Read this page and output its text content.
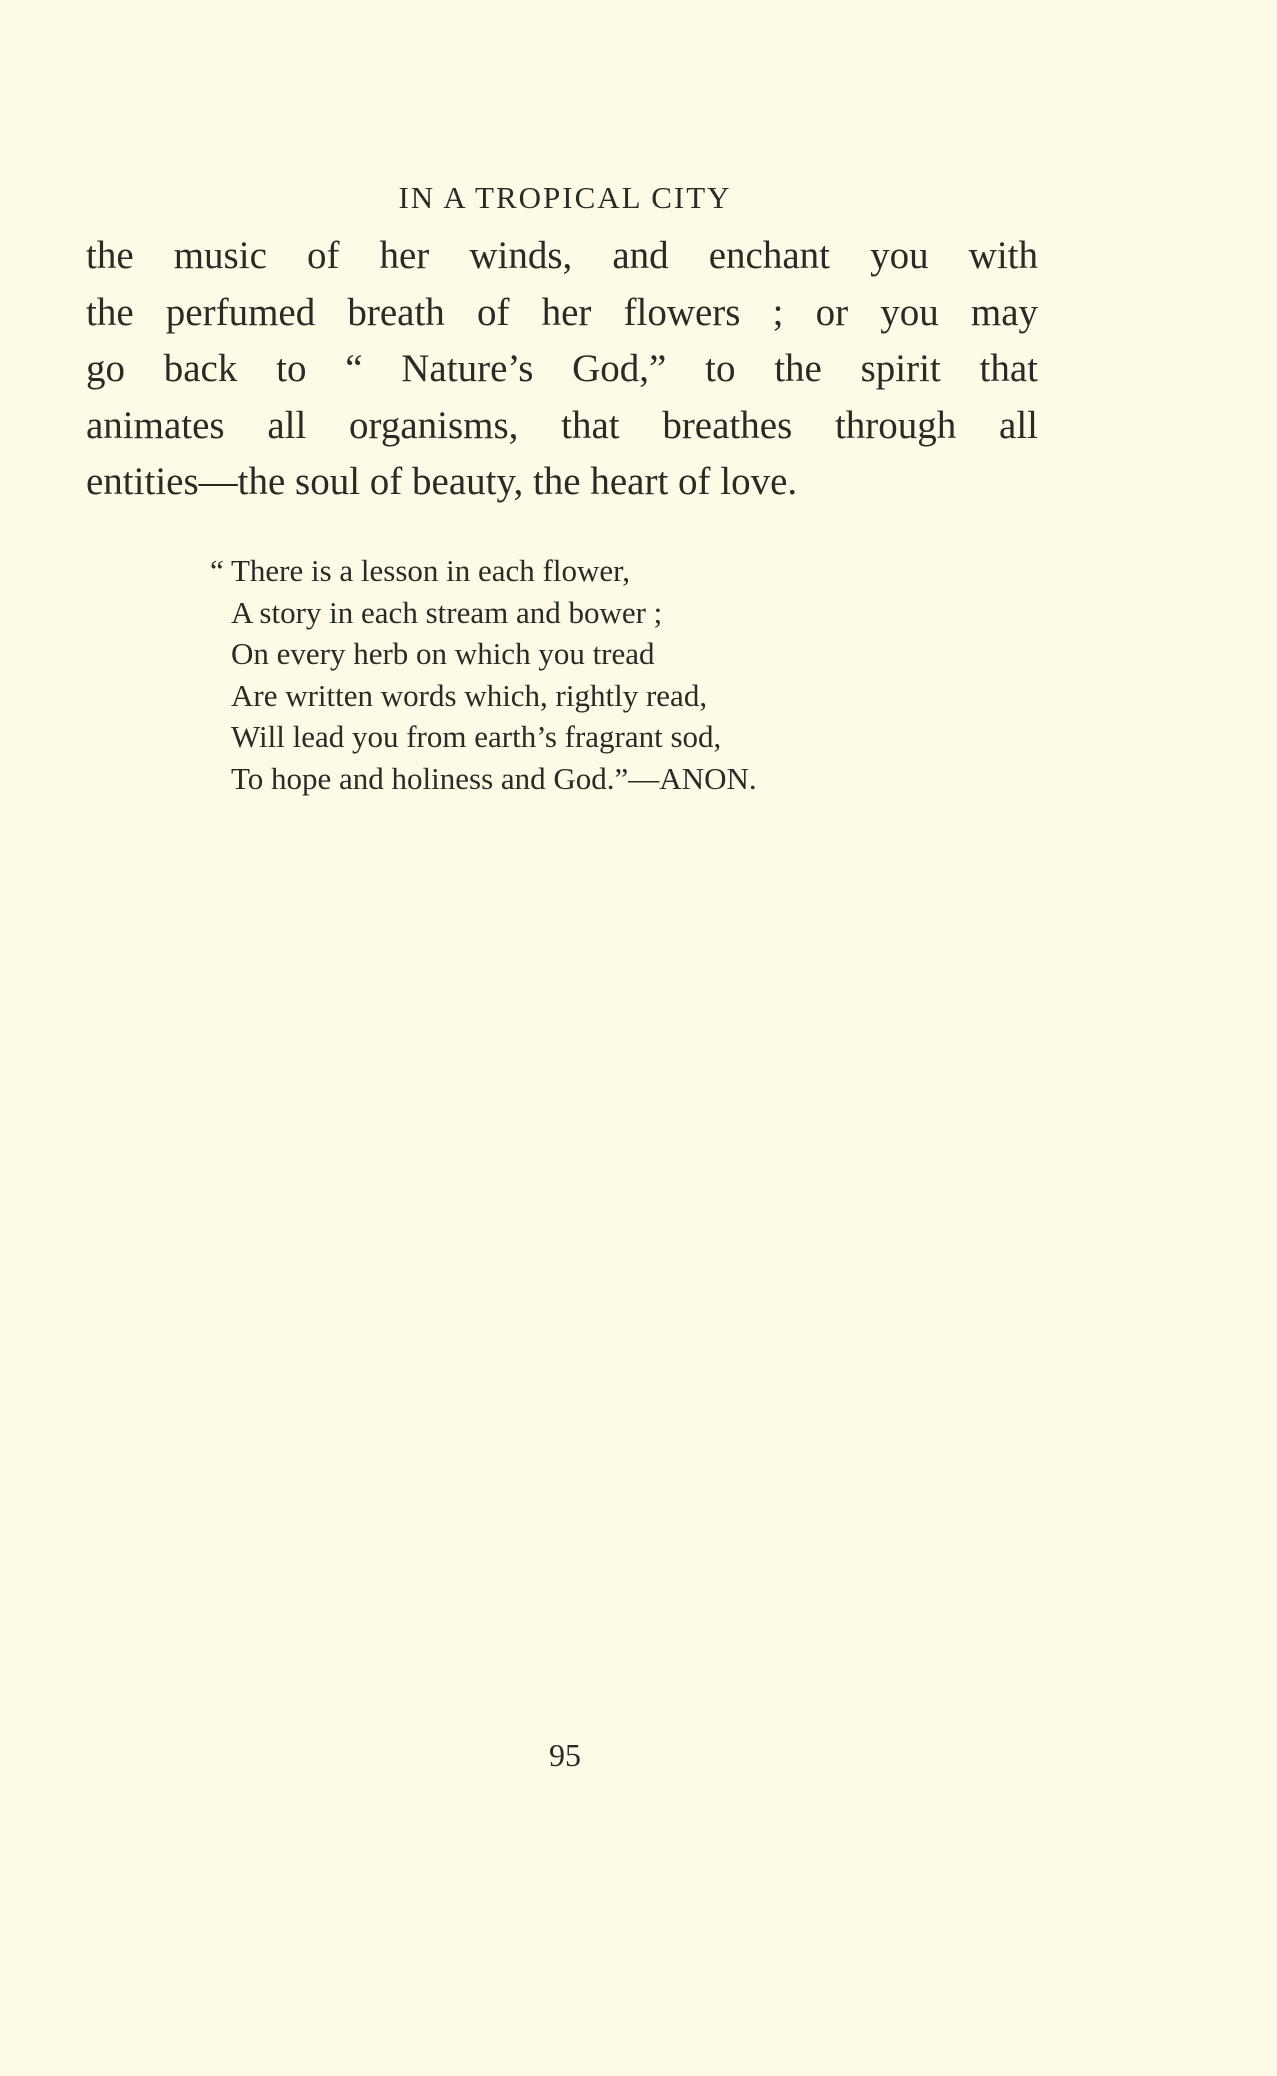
IN A TROPICAL CITY
the music of her winds, and enchant you with
the perfumed breath of her flowers ; or you may
go back to “ Nature’s God,” to the spirit that
animates all organisms, that breathes through all
entities—the soul of beauty, the heart of love.
“ There is a lesson in each flower,
A story in each stream and bower ;
On every herb on which you tread
Are written words which, rightly read,
Will lead you from earth’s fragrant sod,
To hope and holiness and God.”—ANON.
95
